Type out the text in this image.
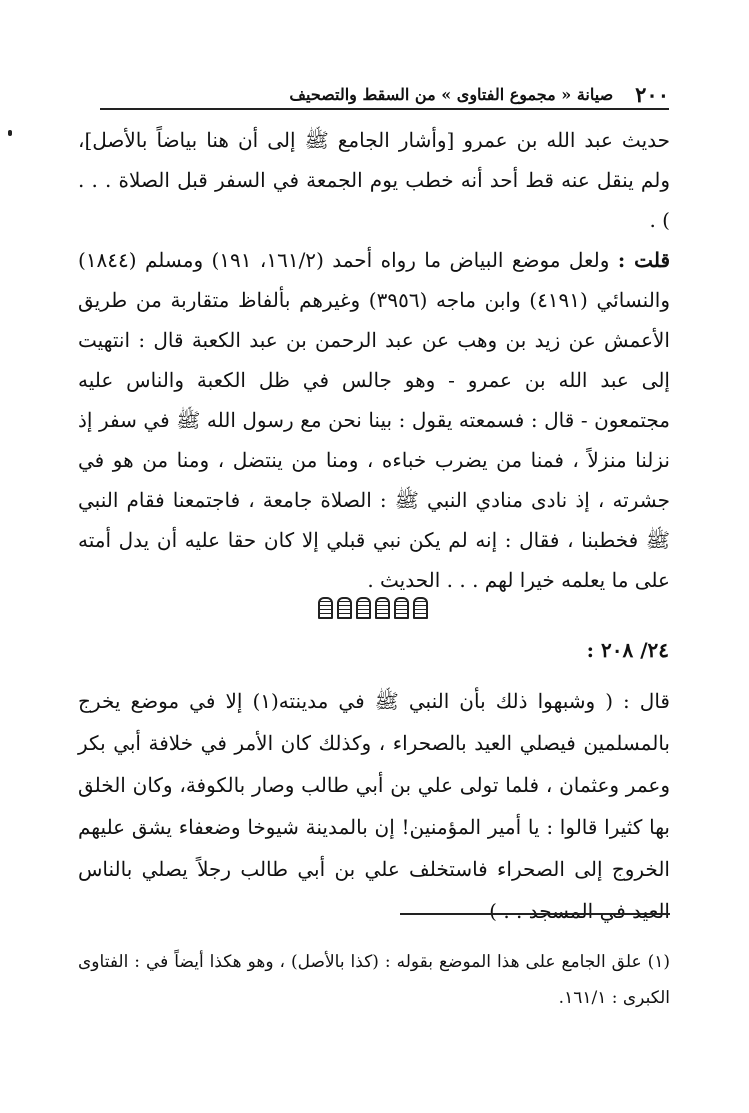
٢٠٠
صيانة « مجموع الفتاوى » من السقط والتصحيف

حديث عبد الله بن عمرو [وأشار الجامع ﷺ إلى أن هنا بياضاً بالأصل]، ولم ينقل عنه قط أحد أنه خطب يوم الجمعة في السفر قبل الصلاة . . . ) .

قلت : ولعل موضع البياض ما رواه أحمد (١٦١/٢، ١٩١) ومسلم (١٨٤٤) والنسائي (٤١٩١) وابن ماجه (٣٩٥٦) وغيرهم بألفاظ متقاربة من طريق الأعمش عن زيد بن وهب عن عبد الرحمن بن عبد الكعبة قال : انتهيت إلى عبد الله بن عمرو - وهو جالس في ظل الكعبة والناس عليه مجتمعون - قال : فسمعته يقول : بينا نحن مع رسول الله ﷺ في سفر إذ نزلنا منزلاً ، فمنا من يضرب خباءه ، ومنا من ينتضل ، ومنا من هو في جشرته ، إذ نادى منادي النبي ﷺ : الصلاة جامعة ، فاجتمعنا فقام النبي ﷺ فخطبنا ، فقال : إنه لم يكن نبي قبلي إلا كان حقا عليه أن يدل أمته على ما يعلمه خيرا لهم . . . الحديث .

٢٤/ ٢٠٨ :

قال : ( وشبهوا ذلك بأن النبي ﷺ في مدينته(١) إلا في موضع يخرج بالمسلمين فيصلي العيد بالصحراء ، وكذلك كان الأمر في خلافة أبي بكر وعمر وعثمان ، فلما تولى علي بن أبي طالب وصار بالكوفة، وكان الخلق بها كثيرا قالوا : يا أمير المؤمنين! إن بالمدينة شيوخا وضعفاء يشق عليهم الخروج إلى الصحراء فاستخلف علي بن أبي طالب رجلاً يصلي بالناس العيد في المسجد . . )

(١) علق الجامع على هذا الموضع بقوله : (كذا بالأصل) ، وهو هكذا أيضاً في : الفتاوى الكبرى : ١٦١/١.
